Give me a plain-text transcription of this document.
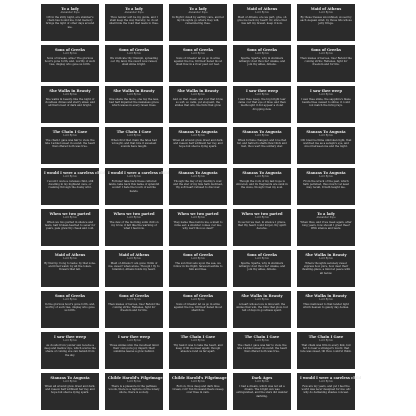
To a lady
Alexander Pope
Oft in the stilly night, ere slumber's chain has bound me, fond memory brings the light of other days around me.
To a lady
Alexander Pope
Thou tender soft be my guide, and I shall keep the way thereby; no cloud shall hide the road that leads to thee.
To a lady
Alexander Pope
In flight I dwell by earthly care, and let my thoughts go where they will, remembering thee.
Maid of Athens
Lord Byron
Maid of Athens, ere we part, give, oh give me back my heart! Or, since that has left my breast, keep it now.
Maid of Athens
Lord Byron
By those tresses unconfined, wooed by each Aegean wind; by those lids whose jetty fringe.
Sons of Greeks
Lord Byron
Sons of Greeks, arise! The glorious hour's gone forth, and, worthy of such ties, display who gave us birth.
Sons of Greeks
Lord Byron
We vindicate thy triumph, spreading oer thy land, the sword now raised, shall shine bright.
Sons of Greeks
Lord Byron
Sons of Greeks! let us go in arms against the foe, till their hated blood shall flow in a river past our feet.
Sons of Greeks
Lord Byron
Sparta, Sparta, why in slumbers lethargic dost thou lie? Awake, and join thy allies, Athens.
Sons of Greeks
Lord Byron
Then manes of heroes, rise! Behold the coming strife; Hellenes, fight for freedom and for life.
She Walks in Beauty
Lord Byron
She walks in beauty, like the night of cloudless climes and starry skies; and all that's best of dark and bright.
She Walks in Beauty
Lord Byron
One shade the more, one ray the less, had half impaired the nameless grace which waves in every raven tress.
She Walks in Beauty
Lord Byron
And on that cheek, and o'er that brow, so soft, so calm, yet eloquent, the smiles that win, the tints that glow.
I saw thee weep
Lord Byron
I saw thee weep, the big bright tear came o'er that eye of blue; and then methought it did appear a violet dropping dew.
I saw thee weep
Lord Byron
I saw thee smile, the sapphire's blaze beside thee ceased to shine; it could not match the living rays.
The Chain I Gave
Lord Byron
The chain I gave was fair to view, the lute I added sweet in sound; the heart that offered both was true.
The Chain I Gave
Lord Byron
When first that chain the fates had wrought, and that lute it sweetest sounds have taught.
Stanzas To Augusta
Lord Byron
When all around grew drear and dark, and reason half withheld her ray, and hope but shed a dying spark.
Stanzas To Augusta
Lord Byron
When fortune changed, and love fled far, and hatred's shafts flew thick and fast, thou wert the solitary star.
Stanzas To Augusta
Lord Byron
Oh! blest be thine unbroken light, that watched me as a seraph's eye, and stood between me and the night.
I would I were a careless child
Lord Byron
I would I were a careless child, still dwelling in my highland cave, or roaming through the dusky wild.
I would I were a careless child
Lord Byron
Fortune! take back these cultured lands, take back this name of splendid sound! I hate the touch of servile hands.
Stanzas To Augusta
Lord Byron
Though the day of my destiny's over, and the star of my fate hath declined, thy soft heart refused to discover.
Stanzas To Augusta
Lord Byron
Though the rock of my last hope is shivered, and its fragments are sunk in the wave, though I feel my soul.
Stanzas To Augusta
Lord Byron
From the wreck of the past, which hath perished, thus much I at least may recall, it hath taught me.
When we two parted
Lord Byron
When we two parted in silence and tears, half broken-hearted to sever for years, pale grew thy cheek and cold.
When we two parted
Lord Byron
The dew of the morning sunk chill on my brow, it felt like the warning of what I feel now.
When we two parted
Lord Byron
They name thee before me, a knell to mine ear; a shudder comes o'er me, why wert thou so dear?
When we two parted
Lord Byron
In secret we met, in silence I grieve, that thy heart could forget, thy spirit deceive.
To a lady
Alexander Pope
When thus, and if we meet again, after long years, how should I greet thee? With silence and tears.
Maid of Athens
Lord Byron
By that lip I long to taste; by that zone-encircled waist; by all the token-flowers that tell.
Maid of Athens
Lord Byron
Maid of Athens! I am gone: think of me, sweet! when alone. Though I fly to Istambol, Athens holds my heart.
Sons of Greeks
Lord Byron
The sun that sets upon the sea, we follow in his flight; farewell awhile to him and thee.
Sons of Greeks
Lord Byron
Sparta, Sparta, why in slumbers lethargic dost thou lie? Awake, and join thy allies, Athens.
She Walks in Beauty
Lord Byron
Where thoughts serenely sweet express how pure, how dear their dwelling-place, a mind at peace with all below.
Sons of Greeks
Lord Byron
In the glorious hour's gone forth, and, worthy of such ties, display who gave us birth.
Sons of Greeks
Lord Byron
Then manes of heroes, rise! Behold the coming strife; Hellenes, fight for freedom and for life.
Sons of Greeks
Lord Byron
Sons of Greeks! let us go in arms against the foe, till their hated blood shall flow.
She Walks in Beauty
Lord Byron
A heart whose love is innocent; the smiles that win, the tints that glow, but tell of days in goodness spent.
She Walks in Beauty
Lord Byron
Thus mellowed to that tender light which heaven to gaudy day denies.
I saw thee weep
Lord Byron
As clouds from yonder sun receive a deep and mellow dye, which scarce the shade of coming eve can banish from the sky.
I saw thee weep
Lord Byron
Those smiles unto the moodiest mind their own pure joy impart; their sunshine leaves a glow behind.
The Chain I Gave
Lord Byron
Thy task it was to take the heart, and keep it till we meet again; though absence rend us far apart.
The Chain I Gave
Lord Byron
The chain I gave was fair to view, the lute I added sweet in sound; the heart that offered both was true.
The Chain I Gave
Lord Byron
That chain was firm in every link, but not to bear a stranger's touch; that lute was sweet, till thou could'st think.
Stanzas To Augusta
Lord Byron
When all around grew drear and dark, and reason half withheld her ray, and hope but shed a dying spark.
Childe Harold's Pilgrimage
Lord Byron
There is a pleasure in the pathless woods, there is a rapture on the lonely shore, there is society.
Childe Harold's Pilgrimage
Lord Byron
Roll on, thou deep and dark blue Ocean, roll! Ten thousand fleets sweep over thee in vain.
Dark Ages
Lord Byron
I had a dream, which was not all a dream. The bright sun was extinguished, and the stars did wander darkling.
I would I were a careless child
Lord Byron
Few are my years, and yet I feel the world was ne'er designed for me: ah! why do darkening shades conceal.
